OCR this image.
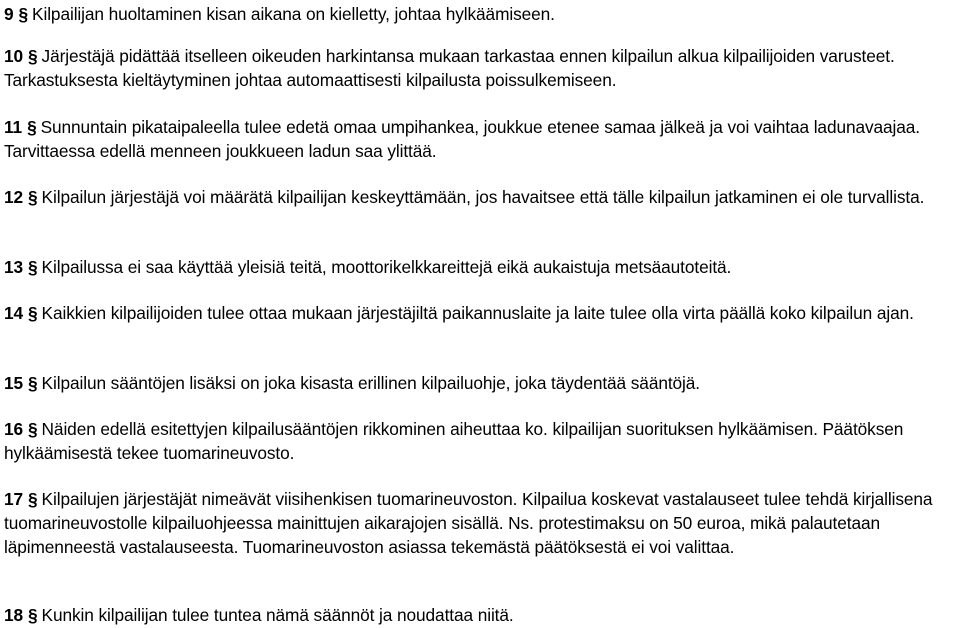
9 § Kilpailijan huoltaminen kisan aikana on kielletty, johtaa hylkäämiseen.

10 § Järjestäjä pidättää itselleen oikeuden harkintansa mukaan tarkastaa ennen kilpailun alkua kilpailijoiden varusteet. Tarkastuksesta kieltäytyminen johtaa automaattisesti kilpailusta poissulkemiseen.

11 § Sunnuntain pikataipaleella tulee edetä omaa umpihankea, joukkue etenee samaa jälkeä ja voi vaihtaa ladunavaajaa. Tarvittaessa edellä menneen joukkueen ladun saa ylittää.

12 § Kilpailun järjestäjä voi määrätä kilpailijan keskeyttämään, jos havaitsee että tälle kilpailun jatkaminen ei ole turvallista.

13 § Kilpailussa ei saa käyttää yleisiä teitä, moottorikelkkareittejä eikä aukaistuja metsäautoteitä.

14 § Kaikkien kilpailijoiden tulee ottaa mukaan järjestäjiltä paikannuslaite ja laite tulee olla virta päällä koko kilpailun ajan.

15 § Kilpailun sääntöjen lisäksi on joka kisasta erillinen kilpailuohje, joka täydentää sääntöjä.

16 § Näiden edellä esitettyjen kilpailusääntöjen rikkominen aiheuttaa ko. kilpailijan suorituksen hylkäämisen. Päätöksen hylkäämisestä tekee tuomarineuvosto.

17 § Kilpailujen järjestäjät nimeävät viisihenkisen tuomarineuvoston. Kilpailua koskevat vastalauseet tulee tehdä kirjallisena tuomarineuvostolle kilpailuohjeessa mainittujen aikarajojen sisällä. Ns. protestimaksu on 50 euroa, mikä palautetaan läpimenneestä vastalauseesta. Tuomarineuvoston asiassa tekemästä päätöksestä ei voi valittaa.

18 § Kunkin kilpailijan tulee tuntea nämä säännöt ja noudattaa niitä.
